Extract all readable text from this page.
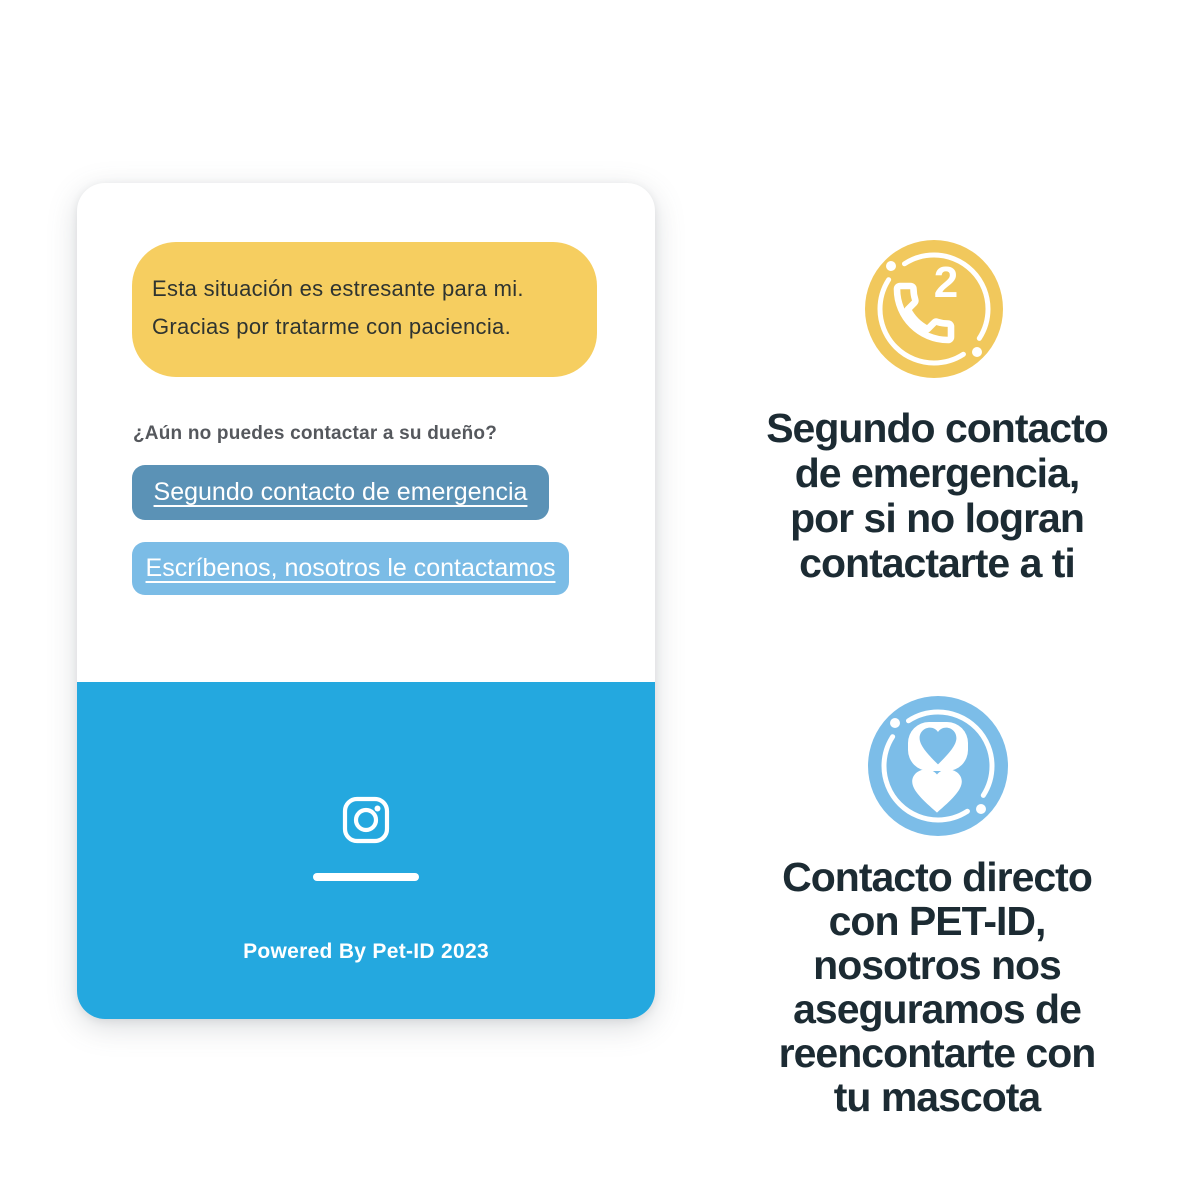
Esta situación es estresante para mi.
Gracias por tratarme con paciencia.
¿Aún no puedes contactar a su dueño?
Segundo contacto de emergencia
Escríbenos, nosotros le contactamos
Powered By Pet-ID 2023
2
Segundo contacto
de emergencia,
por si no logran
contactarte a ti
Contacto directo
con PET-ID,
nosotros nos
aseguramos de
reencontarte con
tu mascota
